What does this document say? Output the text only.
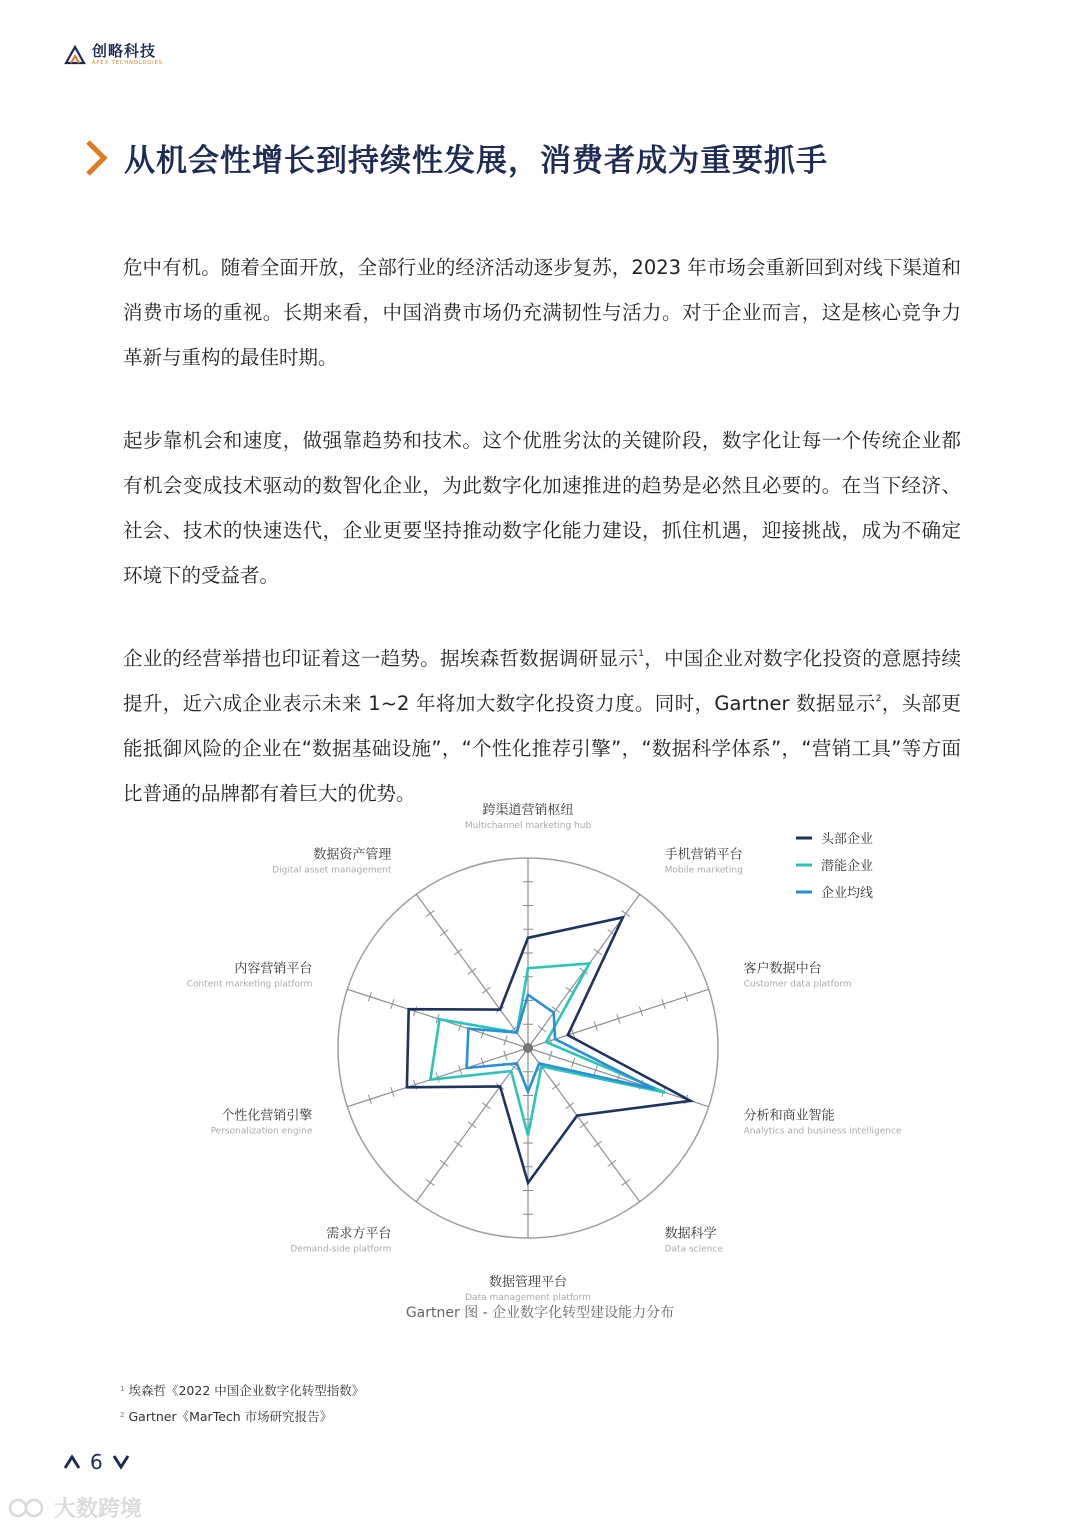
创略科技
APEX TECHNOLOGIES
从机会性增长到持续性发展，消费者成为重要抓手

危中有机。随着全面开放，全部行业的经济活动逐步复苏，2023 年市场会重新回到对线下渠道和消费市场的重视。长期来看，中国消费市场仍充满韧性与活力。对于企业而言，这是核心竞争力革新与重构的最佳时期。

起步靠机会和速度，做强靠趋势和技术。这个优胜劣汰的关键阶段，数字化让每一个传统企业都有机会变成技术驱动的数智化企业，为此数字化加速推进的趋势是必然且必要的。在当下经济、社会、技术的快速迭代，企业更要坚持推动数字化能力建设，抓住机遇，迎接挑战，成为不确定环境下的受益者。

企业的经营举措也印证着这一趋势。据埃森哲数据调研显示$^1$，中国企业对数字化投资的意愿持续提升，近六成企业表示未来 1~2 年将加大数字化投资力度。同时，Gartner 数据显示$^2$，头部更能抵御风险的企业在“数据基础设施”，“个性化推荐引擎”，“数据科学体系”，“营销工具”等方面比普通的品牌都有着巨大的优势。

跨渠道营销枢纽
Multichannel marketing hub
手机营销平台
Mobile marketing
客户数据中台
Customer data platform
分析和商业智能
Analytics and business intelligence
数据科学
Data science
数据管理平台
Data management platform
需求方平台
Demand-side platform
个性化营销引擎
Personalization engine
内容营销平台
Content marketing platform
数据资产管理
Digital asset management
头部企业
潜能企业
企业均线
Gartner 图 - 企业数字化转型建设能力分布
$^1$ 埃森哲《2022 中国企业数字化转型指数》
$^2$ Gartner《MarTech 市场研究报告》
6
大数跨境
